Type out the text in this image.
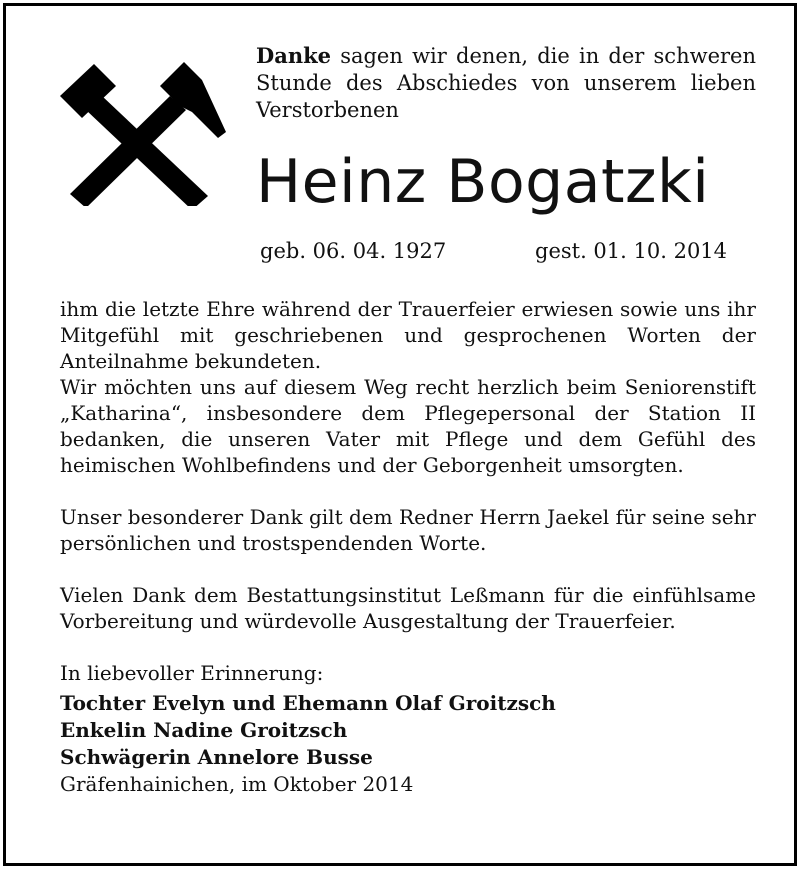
Danke sagen wir denen, die in der schweren Stunde des Abschiedes von unserem lieben Verstorbenen
Heinz Bogatzki
geb. 06. 04. 1927	gest. 01. 10. 2014

ihm die letzte Ehre während der Trauerfeier erwiesen sowie uns ihr Mitgefühl mit geschriebenen und gesprochenen Worten der Anteilnahme bekundeten.

Wir möchten uns auf diesem Weg recht herzlich beim Seniorenstift „Katharina“, insbesondere dem Pflegepersonal der Station II bedanken, die unseren Vater mit Pflege und dem Gefühl des heimischen Wohlbefindens und der Geborgenheit umsorgten.

Unser besonderer Dank gilt dem Redner Herrn Jaekel für seine sehr persönlichen und trostspendenden Worte.

Vielen Dank dem Bestattungsinstitut Leßmann für die einfühlsame Vorbereitung und würdevolle Ausgestaltung der Trauerfeier.

In liebevoller Erinnerung:

Tochter Evelyn und Ehemann Olaf Groitzsch
Enkelin Nadine Groitzsch
Schwägerin Annelore Busse

Gräfenhainichen, im Oktober 2014
